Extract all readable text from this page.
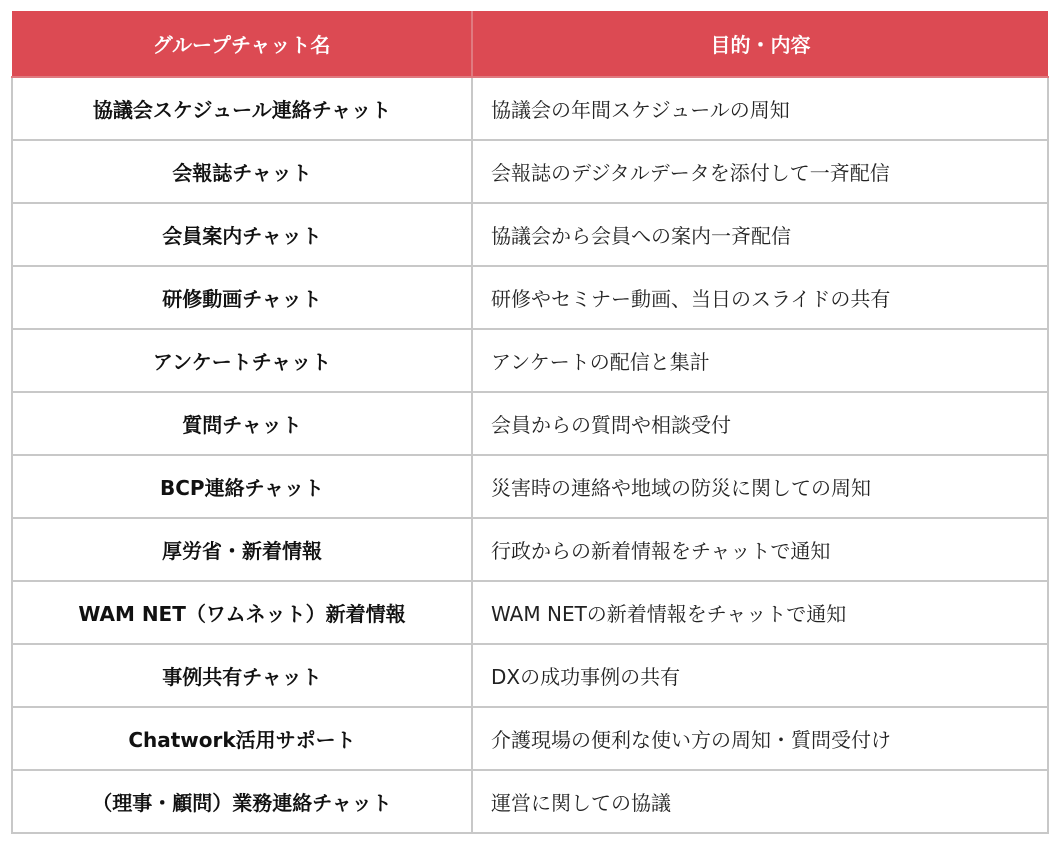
グループチャット名	目的・内容
協議会スケジュール連絡チャット	協議会の年間スケジュールの周知
会報誌チャット	会報誌のデジタルデータを添付して一斉配信
会員案内チャット	協議会から会員への案内一斉配信
研修動画チャット	研修やセミナー動画、当日のスライドの共有
アンケートチャット	アンケートの配信と集計
質問チャット	会員からの質問や相談受付
BCP連絡チャット	災害時の連絡や地域の防災に関しての周知
厚労省・新着情報	行政からの新着情報をチャットで通知
WAM NET（ワムネット）新着情報	WAM NETの新着情報をチャットで通知
事例共有チャット	DXの成功事例の共有
Chatwork活用サポート	介護現場の便利な使い方の周知・質問受付け
（理事・顧問）業務連絡チャット	運営に関しての協議
